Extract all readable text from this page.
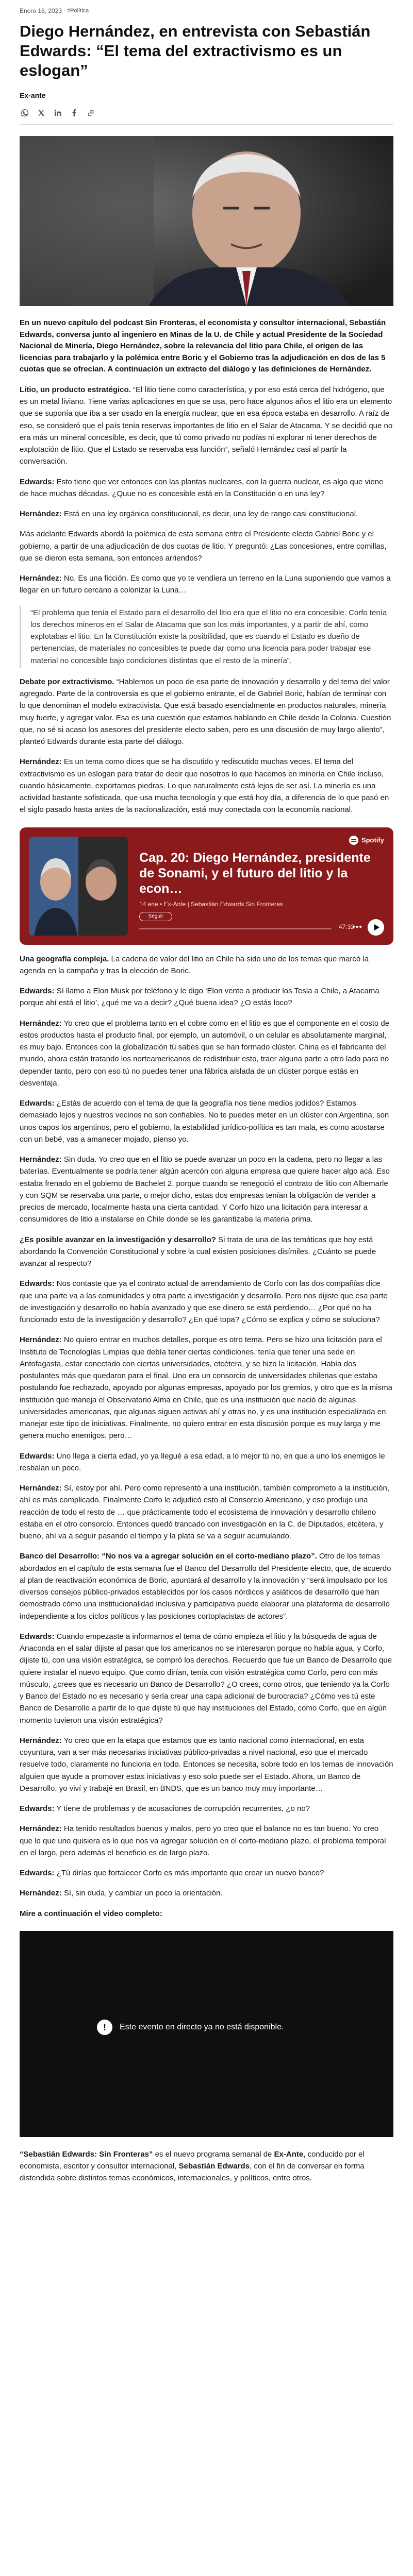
Enero 16, 2023 #Política
Diego Hernández, en entrevista con Sebastián Edwards: “El tema del extractivismo es un eslogan”
Ex-ante

En un nuevo capítulo del podcast Sin Fronteras, el economista y consultor internacional, Sebastián Edwards, conversa junto al ingeniero en Minas de la U. de Chile y actual Presidente de la Sociedad Nacional de Minería, Diego Hernández, sobre la relevancia del litio para Chile, el origen de las licencias para trabajarlo y la polémica entre Boric y el Gobierno tras la adjudicación en dos de las 5 cuotas que se ofrecían. A continuación un extracto del diálogo y las definiciones de Hernández.

Litio, un producto estratégico. “El litio tiene como característica, y por eso está cerca del hidrógeno, que es un metal liviano. Tiene varias aplicaciones en que se usa, pero hace algunos años el litio era un elemento que se suponía que iba a ser usado en la energía nuclear, que en esa época estaba en desarrollo. A raíz de eso, se consideró que el país tenía reservas importantes de litio en el Salar de Atacama. Y se decidió que no era más un mineral concesible, es decir, que tú como privado no podías ni explorar ni tener derechos de explotación de litio. Que el Estado se reservaba esa función”, señaló Hernández casi al partir la conversación.

Edwards: Esto tiene que ver entonces con las plantas nucleares, con la guerra nuclear, es algo que viene de hace muchas décadas. ¿Quue no es concesible está en la Constitución o en una ley?

Hernández: Está en una ley orgánica constitucional, es decir, una ley de rango casi constitucional.

Más adelante Edwards abordó la polémica de esta semana entre el Presidente electo Gabriel Boric y el gobierno, a partir de una adjudicación de dos cuotas de litio. Y preguntó: ¿Las concesiones, entre comillas, que se dieron esta semana, son entonces arriendos?

Hernández: No. Es una ficción. Es como que yo te vendiera un terreno en la Luna suponiendo que vamos a llegar en un futuro cercano a colonizar la Luna…

“El problema que tenía el Estado para el desarrollo del litio era que el litio no era concesible. Corfo tenía los derechos mineros en el Salar de Atacama que son los más importantes, y a partir de ahí, como explotabas el litio. En la Constitución existe la posibilidad, que es cuando el Estado es dueño de pertenencias, de materiales no concesibles te puede dar como una licencia para poder trabajar ese material no concesible bajo condiciones distintas que el resto de la minería”.

Debate por extractivismo. “Hablemos un poco de esa parte de innovación y desarrollo y del tema del valor agregado. Parte de la controversia es que el gobierno entrante, el de Gabriel Boric, habían de terminar con lo que denominan el modelo extractivista. Que está basado esencialmente en productos naturales, minería muy fuerte, y agregar valor. Esa es una cuestión que estamos hablando en Chile desde la Colonia. Cuestión que, no sé si acaso los asesores del presidente electo saben, pero es una discusión de muy largo aliento”, planteó Edwards durante esta parte del diálogo.

Hernández: Es un tema como dices que se ha discutido y rediscutido muchas veces. El tema del extractivismo es un eslogan para tratar de decir que nosotros lo que hacemos en minería en Chile incluso, cuando básicamente, exportamos piedras. Lo que naturalmente está lejos de ser así. La minería es una actividad bastante sofisticada, que usa mucha tecnología y que está hoy día, a diferencia de lo que pasó en el siglo pasado hasta antes de la nacionalización, está muy conectada con la economía nacional.

Spotify
Cap. 20: Diego Hernández, presidente de Sonami, y el futuro del litio y la econ…
14 ene • Ex-Ante | Sebastián Edwards Sin Fronteras
Seguir
47:32
•••

Una geografía compleja. La cadena de valor del litio en Chile ha sido uno de los temas que marcó la agenda en la campaña y tras la elección de Boric.

Edwards: Sí llamo a Elon Musk por teléfono y le digo ‘Elon vente a producir los Tesla a Chile, a Atacama porque ahí está el litio’, ¿qué me va a decir? ¿Qué buena idea? ¿O estás loco?

Hernández: Yo creo que el problema tanto en el cobre como en el litio es que el componente en el costo de estos productos hasta el producto final, por ejemplo, un automóvil, o un celular es absolutamente marginal, es muy bajo. Entonces con la globalización tú sabes que se han formado clúster. China es el fabricante del mundo, ahora están tratando los norteamericanos de redistribuir esto, traer alguna parte a otro lado para no depender tanto, pero con eso tú no puedes tener una fábrica aislada de un clúster porque estás en desventaja.

Edwards: ¿Estás de acuerdo con el tema de que la geografía nos tiene medios jodidos? Estamos demasiado lejos y nuestros vecinos no son confiables. No te puedes meter en un clúster con Argentina, son unos capos los argentinos, pero el gobierno, la estabilidad jurídico-política es tan mala, es como acostarse con un bebé, vas a amanecer mojado, pienso yo.

Hernández: Sin duda. Yo creo que en el litio se puede avanzar un poco en la cadena, pero no llegar a las baterías. Eventualmente se podría tener algún acercón con alguna empresa que quiere hacer algo acá. Eso estaba frenado en el gobierno de Bachelet 2, porque cuando se renegoció el contrato de litio con Albemarle y con SQM se reservaba una parte, o mejor dicho, estas dos empresas tenían la obligación de vender a precios de mercado, localmente hasta una cierta cantidad. Y Corfo hizo una licitación para interesar a consumidores de litio a instalarse en Chile donde se les garantizaba la materia prima.

¿Es posible avanzar en la investigación y desarrollo? Si trata de una de las temáticas que hoy está abordando la Convención Constitucional y sobre la cual existen posiciones disímiles. ¿Cuánto se puede avanzar al respecto?

Edwards: Nos contaste que ya el contrato actual de arrendamiento de Corfo con las dos compañías dice que una parte va a las comunidades y otra parte a investigación y desarrollo. Pero nos dijiste que esa parte de investigación y desarrollo no había avanzado y que ese dinero se está perdiendo… ¿Por qué no ha funcionado esto de la investigación y desarrollo? ¿En qué topa? ¿Cómo se explica y cómo se soluciona?

Hernández: No quiero entrar en muchos detalles, porque es otro tema. Pero se hizo una licitación para el Instituto de Tecnologías Limpias que debía tener ciertas condiciones, tenía que tener una sede en Antofagasta, estar conectado con ciertas universidades, etcétera, y se hizo la licitación. Había dos postulantes más que quedaron para el final. Uno era un consorcio de universidades chilenas que estaba postulando fue rechazado, apoyado por algunas empresas, apoyado por los gremios, y otro que es la misma institución que maneja el Observatorio Alma en Chile, que es una institución que nació de algunas universidades americanas, que algunas siguen activas ahí y otras no, y es una institución especializada en manejar este tipo de iniciativas. Finalmente, no quiero entrar en esta discusión porque es muy larga y me genera mucho enemigos, pero…

Edwards: Uno llega a cierta edad, yo ya llegué a esa edad, a lo mejor tú no, en que a uno los enemigos le resbalan un poco.

Hernández: Sí, estoy por ahí. Pero como representó a una institución, también comprometo a la institución, ahí es más complicado. Finalmente Corfo le adjudicó esto al Consorcio Americano, y eso produjo una reacción de todo el resto de … que prácticamente todo el ecosistema de innovación y desarrollo chileno estaba en el otro consorcio. Entonces quedó trancado con investigación en la C. de Diputados, etcétera, y bueno, ahí va a seguir pasando el tiempo y la plata se va a seguir acumulando.

Banco del Desarrollo: “No nos va a agregar solución en el corto-mediano plazo”. Otro de los temas abordados en el capítulo de esta semana fue el Banco del Desarrollo del Presidente electo, que, de acuerdo al plan de reactivación económica de Boric, apuntará al desarrollo y la innovación y “será impulsado por los diversos consejos público-privados establecidos por los casos nórdicos y asiáticos de desarrollo que han demostrado cómo una institucionalidad inclusiva y participativa puede elaborar una plataforma de desarrollo independiente a los ciclos políticos y las posiciones cortoplacistas de actores”.

Edwards: Cuando empezaste a informarnos el tema de cómo empieza el litio y la búsqueda de agua de Anaconda en el salar dijiste al pasar que los americanos no se interesaron porque no había agua, y Corfo, dijiste tú, con una visión estratégica, se compró los derechos. Recuerdo que fue un Banco de Desarrollo que quiere instalar el nuevo equipo. Que como dirían, tenía con visión estratégica como Corfo, pero con más músculo, ¿crees que es necesario un Banco de Desarrollo? ¿O crees, como otros, que teniendo ya la Corfo y Banco del Estado no es necesario y sería crear una capa adicional de burocracia? ¿Cómo ves tú este Banco de Desarrollo a partir de lo que dijiste tú que hay instituciones del Estado, como Corfo, que en algún momento tuvieron una visión estratégica?

Hernández: Yo creo que en la etapa que estamos que es tanto nacional como internacional, en esta coyuntura, van a ser más necesarias iniciativas público-privadas a nivel nacional, eso que el mercado resuelve todo, claramente no funciona en todo. Entonces se necesita, sobre todo en los temas de innovación alguien que ayude a promover estas iniciativas y eso solo puede ser el Estado. Ahora, un Banco de Desarrollo, yo viví y trabajé en Brasil, en BNDS, que es un banco muy muy importante…

Edwards: Y tiene de problemas y de acusaciones de corrupción recurrentes, ¿o no?

Hernández: Ha tenido resultados buenos y malos, pero yo creo que el balance no es tan bueno. Yo creo que lo que uno quisiera es lo que nos va agregar solución en el corto-mediano plazo, el problema temporal en el largo, pero además el beneficio es de largo plazo.

Edwards: ¿Tú dirías que fortalecer Corfo es más importante que crear un nuevo banco?

Hernández: Sí, sin duda, y cambiar un poco la orientación.

Mire a continuación el video completo:

!	Este evento en directo ya no está disponible.

“Sebastián Edwards: Sin Fronteras” es el nuevo programa semanal de Ex-Ante, conducido por el economista, escritor y consultor internacional, Sebastián Edwards, con el fin de conversar en forma distendida sobre distintos temas económicos, internacionales, y políticos, entre otros.
